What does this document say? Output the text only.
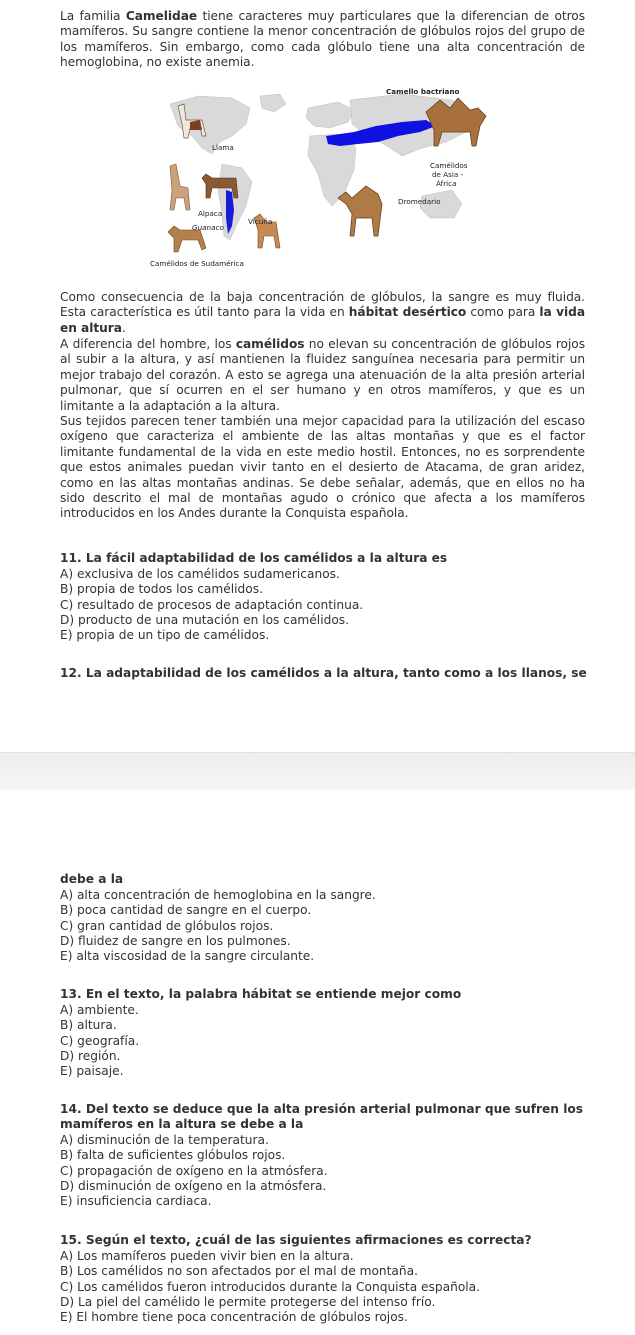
La familia Camelidae tiene caracteres muy particulares que la diferencian de otros mamíferos. Su sangre contiene la menor concentración de glóbulos rojos del grupo de los mamíferos. Sin embargo, como cada glóbulo tiene una alta concentración de hemoglobina, no existe anemia.
Camello bactriano
Llama
Camélidos
de Asia -
África
Alpaca
Dromedario
Guanaco
Vicuña
Camélidos de Sudamérica
Como consecuencia de la baja concentración de glóbulos, la sangre es muy fluida. Esta característica es útil tanto para la vida en hábitat desértico como para la vida en altura.
A diferencia del hombre, los camélidos no elevan su concentración de glóbulos rojos al subir a la altura, y así mantienen la fluidez sanguínea necesaria para permitir un mejor trabajo del corazón. A esto se agrega una atenuación de la alta presión arterial pulmonar, que sí ocurren en el ser humano y en otros mamíferos, y que es un limitante a la adaptación a la altura.
Sus tejidos parecen tener también una mejor capacidad para la utilización del escaso oxígeno que caracteriza el ambiente de las altas montañas y que es el factor limitante fundamental de la vida en este medio hostil. Entonces, no es sorprendente que estos animales puedan vivir tanto en el desierto de Atacama, de gran aridez, como en las altas montañas andinas. Se debe señalar, además, que en ellos no ha sido descrito el mal de montañas agudo o crónico que afecta a los mamíferos introducidos en los Andes durante la Conquista española.
11. La fácil adaptabilidad de los camélidos a la altura es
A) exclusiva de los camélidos sudamericanos.
B) propia de todos los camélidos.
C) resultado de procesos de adaptación continua.
D) producto de una mutación en los camélidos.
E) propia de un tipo de camélidos.
12. La adaptabilidad de los camélidos a la altura, tanto como a los llanos, se
debe a la
A) alta concentración de hemoglobina en la sangre.
B) poca cantidad de sangre en el cuerpo.
C) gran cantidad de glóbulos rojos.
D) fluidez de sangre en los pulmones.
E) alta viscosidad de la sangre circulante.
13. En el texto, la palabra hábitat se entiende mejor como
A) ambiente.
B) altura.
C) geografía.
D) región.
E) paisaje.
14. Del texto se deduce que la alta presión arterial pulmonar que sufren los
mamíferos en la altura se debe a la
A) disminución de la temperatura.
B) falta de suficientes glóbulos rojos.
C) propagación de oxígeno en la atmósfera.
D) disminución de oxígeno en la atmósfera.
E) insuficiencia cardiaca.
15. Según el texto, ¿cuál de las siguientes afirmaciones es correcta?
A) Los mamíferos pueden vivir bien en la altura.
B) Los camélidos no son afectados por el mal de montaña.
C) Los camélidos fueron introducidos durante la Conquista española.
D) La piel del camélido le permite protegerse del intenso frío.
E) El hombre tiene poca concentración de glóbulos rojos.
